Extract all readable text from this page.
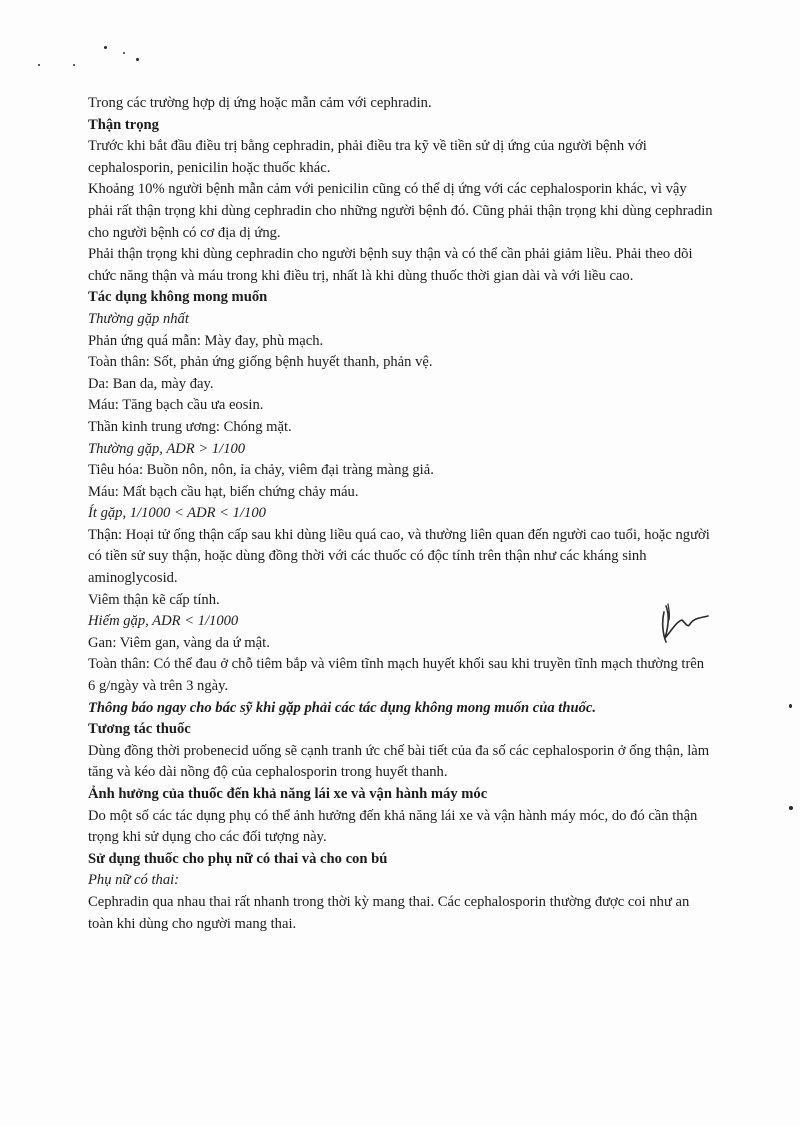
Trong các trường hợp dị ứng hoặc mẫn cảm với cephradin.

Thận trọng

Trước khi bắt đầu điều trị bằng cephradin, phải điều tra kỹ về tiền sử dị ứng của người bệnh với cephalosporin, penicilin hoặc thuốc khác.

Khoảng 10% người bệnh mẫn cảm với penicilin cũng có thể dị ứng với các cephalosporin khác, vì vậy phải rất thận trọng khi dùng cephradin cho những người bệnh đó. Cũng phải thận trọng khi dùng cephradin cho người bệnh có cơ địa dị ứng.

Phải thận trọng khi dùng cephradin cho người bệnh suy thận và có thể cần phải giảm liều. Phải theo dõi chức năng thận và máu trong khi điều trị, nhất là khi dùng thuốc thời gian dài và với liều cao.

Tác dụng không mong muốn

Thường gặp nhất

Phản ứng quá mẫn: Mày đay, phù mạch.

Toàn thân: Sốt, phản ứng giống bệnh huyết thanh, phản vệ.

Da: Ban da, mày đay.

Máu: Tăng bạch cầu ưa eosin.

Thần kinh trung ương: Chóng mặt.

Thường gặp, ADR > 1/100

Tiêu hóa: Buồn nôn, nôn, ỉa chảy, viêm đại tràng màng giả.

Máu: Mất bạch cầu hạt, biến chứng chảy máu.

Ít gặp, 1/1000 < ADR < 1/100

Thận: Hoại tử ống thận cấp sau khi dùng liều quá cao, và thường liên quan đến người cao tuổi, hoặc người có tiền sử suy thận, hoặc dùng đồng thời với các thuốc có độc tính trên thận như các kháng sinh aminoglycosid.

Viêm thận kẽ cấp tính.

Hiếm gặp, ADR < 1/1000

Gan: Viêm gan, vàng da ứ mật.

Toàn thân: Có thể đau ở chỗ tiêm bắp và viêm tĩnh mạch huyết khối sau khi truyền tĩnh mạch thường trên 6 g/ngày và trên 3 ngày.

Thông báo ngay cho bác sỹ khi gặp phải các tác dụng không mong muốn của thuốc.

Tương tác thuốc

Dùng đồng thời probenecid uống sẽ cạnh tranh ức chế bài tiết của đa số các cephalosporin ở ống thận, làm tăng và kéo dài nồng độ của cephalosporin trong huyết thanh.

Ảnh hưởng của thuốc đến khả năng lái xe và vận hành máy móc

Do một số các tác dụng phụ có thể ảnh hưởng đến khả năng lái xe và vận hành máy móc, do đó cần thận trọng khi sử dụng cho các đối tượng này.

Sử dụng thuốc cho phụ nữ có thai và cho con bú

Phụ nữ có thai:

Cephradin qua nhau thai rất nhanh trong thời kỳ mang thai. Các cephalosporin thường được coi như an toàn khi dùng cho người mang thai.
